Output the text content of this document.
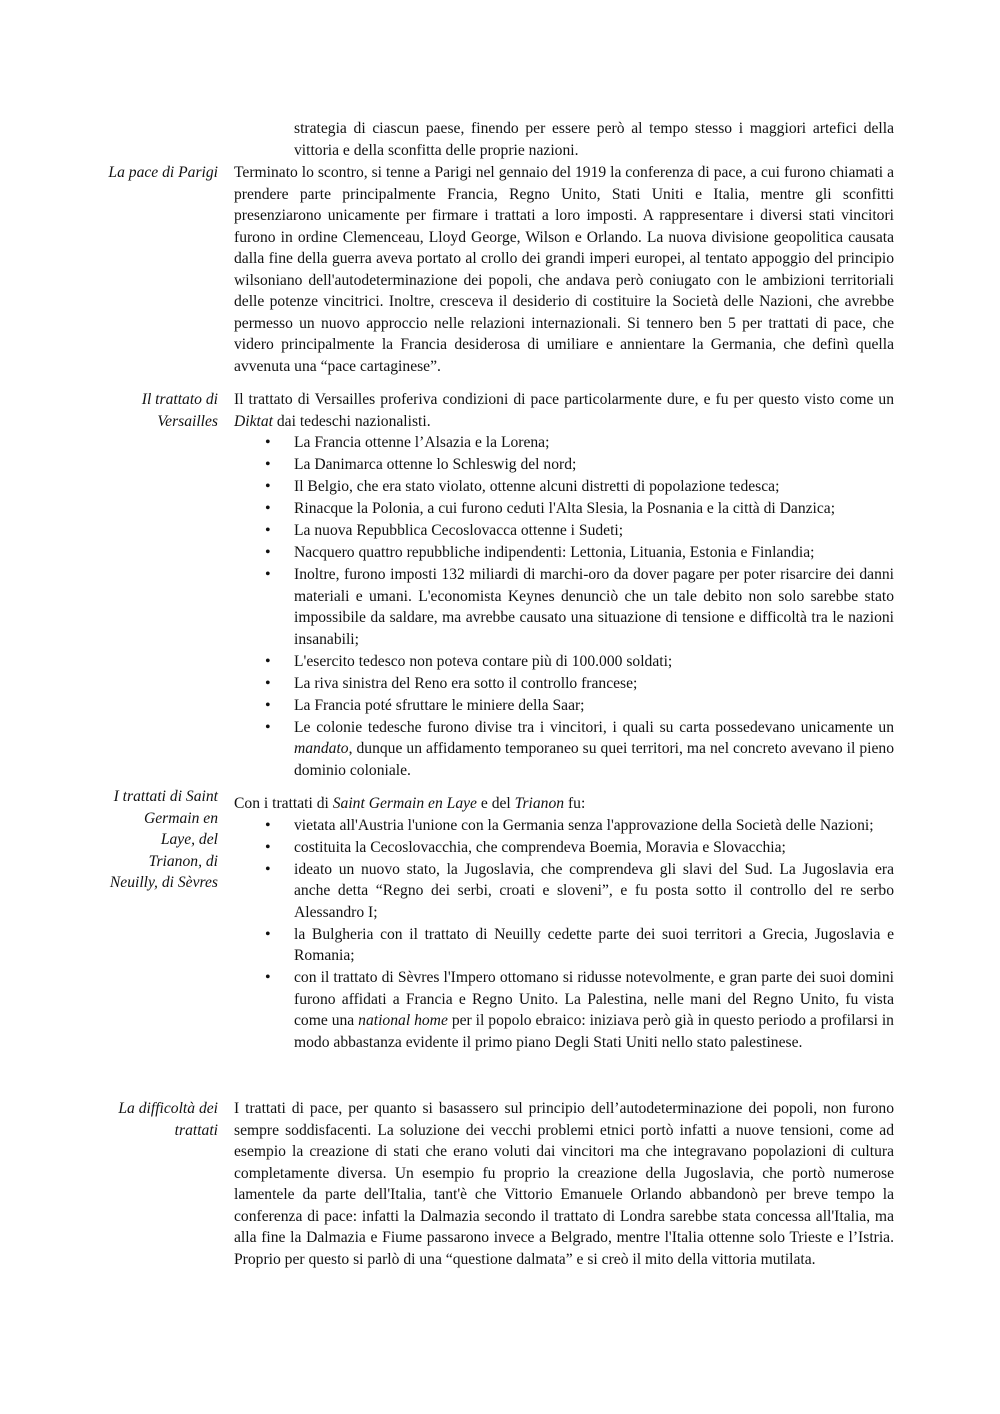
strategia di ciascun paese, finendo per essere però al tempo stesso i maggiori artefici della vittoria e della sconfitta delle proprie nazioni.

La pace di Parigi Terminato lo scontro, si tenne a Parigi nel gennaio del 1919 la conferenza di pace, a cui furono chiamati a prendere parte principalmente Francia, Regno Unito, Stati Uniti e Italia, mentre gli sconfitti presenziarono unicamente per firmare i trattati a loro imposti. A rappresentare i diversi stati vincitori furono in ordine Clemenceau, Lloyd George, Wilson e Orlando. La nuova divisione geopolitica causata dalla fine della guerra aveva portato al crollo dei grandi imperi europei, al tentato appoggio del principio wilsoniano dell'autodeterminazione dei popoli, che andava però coniugato con le ambizioni territoriali delle potenze vincitrici. Inoltre, cresceva il desiderio di costituire la Società delle Nazioni, che avrebbe permesso un nuovo approccio nelle relazioni internazionali. Si tennero ben 5 per trattati di pace, che videro principalmente la Francia desiderosa di umiliare e annientare la Germania, che definì quella avvenuta una “pace cartaginese”.

Il trattato di
Versailles

Il trattato di Versailles proferiva condizioni di pace particolarmente dure, e fu per questo visto come un Diktat dai tedeschi nazionalisti.

• La Francia ottenne l’Alsazia e la Lorena;
• La Danimarca ottenne lo Schleswig del nord;
• Il Belgio, che era stato violato, ottenne alcuni distretti di popolazione tedesca;
• Rinacque la Polonia, a cui furono ceduti l'Alta Slesia, la Posnania e la città di Danzica;
• La nuova Repubblica Cecoslovacca ottenne i Sudeti;
• Nacquero quattro repubbliche indipendenti: Lettonia, Lituania, Estonia e Finlandia;
• Inoltre, furono imposti 132 miliardi di marchi-oro da dover pagare per poter risarcire dei danni materiali e umani. L'economista Keynes denunciò che un tale debito non solo sarebbe stato impossibile da saldare, ma avrebbe causato una situazione di tensione e difficoltà tra le nazioni insanabili;
• L'esercito tedesco non poteva contare più di 100.000 soldati;
• La riva sinistra del Reno era sotto il controllo francese;
• La Francia poté sfruttare le miniere della Saar;
• Le colonie tedesche furono divise tra i vincitori, i quali su carta possedevano unicamente un mandato, dunque un affidamento temporaneo su quei territori, ma nel concreto avevano il pieno dominio coloniale.
I trattati di Saint
Germain en
Laye, del
Trianon, di
Neuilly, di Sèvres

Con i trattati di Saint Germain en Laye e del Trianon fu:

• vietata all'Austria l'unione con la Germania senza l'approvazione della Società delle Nazioni;
• costituita la Cecoslovacchia, che comprendeva Boemia, Moravia e Slovacchia;
• ideato un nuovo stato, la Jugoslavia, che comprendeva gli slavi del Sud. La Jugoslavia era anche detta “Regno dei serbi, croati e sloveni”, e fu posta sotto il controllo del re serbo Alessandro I;
• la Bulgheria con il trattato di Neuilly cedette parte dei suoi territori a Grecia, Jugoslavia e Romania;
• con il trattato di Sèvres l'Impero ottomano si ridusse notevolmente, e gran parte dei suoi domini furono affidati a Francia e Regno Unito. La Palestina, nelle mani del Regno Unito, fu vista come una national home per il popolo ebraico: iniziava però già in questo periodo a profilarsi in modo abbastanza evidente il primo piano Degli Stati Uniti nello stato palestinese.
La difficoltà dei
trattati

I trattati di pace, per quanto si basassero sul principio dell’autodeterminazione dei popoli, non furono sempre soddisfacenti. La soluzione dei vecchi problemi etnici portò infatti a nuove tensioni, come ad esempio la creazione di stati che erano voluti dai vincitori ma che integravano popolazioni di cultura completamente diversa. Un esempio fu proprio la creazione della Jugoslavia, che portò numerose lamentele da parte dell'Italia, tant'è che Vittorio Emanuele Orlando abbandonò per breve tempo la conferenza di pace: infatti la Dalmazia secondo il trattato di Londra sarebbe stata concessa all'Italia, ma alla fine la Dalmazia e Fiume passarono invece a Belgrado, mentre l'Italia ottenne solo Trieste e l’Istria. Proprio per questo si parlò di una “questione dalmata” e si creò il mito della vittoria mutilata.
